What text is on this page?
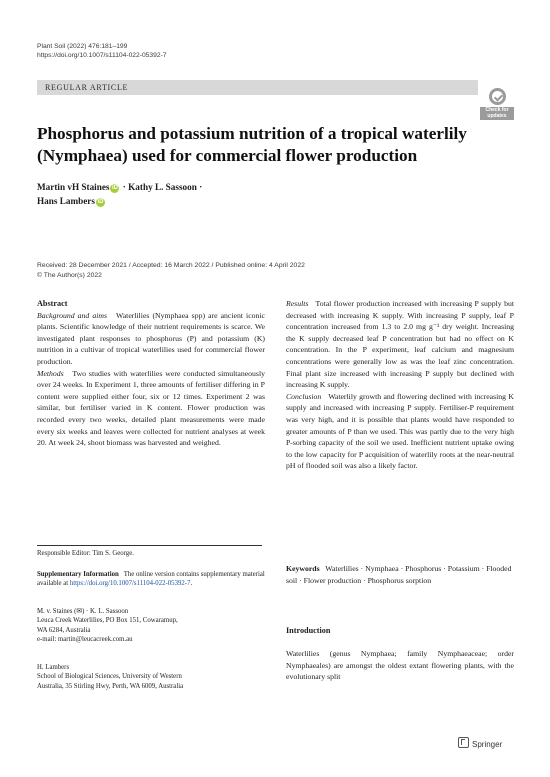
Plant Soil (2022) 476:181–199
https://doi.org/10.1007/s11104-022-05392-7
REGULAR ARTICLE
Check for updates
Phosphorus and potassium nutrition of a tropical waterlily (Nymphaea) used for commercial flower production
Martin vH Staines iD · Kathy L. Sassoon ·
Hans Lambers iD
Received: 28 December 2021 / Accepted: 16 March 2022 / Published online: 4 April 2022
© The Author(s) 2022

Abstract

Background and aims Waterlilies (Nymphaea spp) are ancient iconic plants. Scientific knowledge of their nutrient requirements is scarce. We investigated plant responses to phosphorus (P) and potassium (K) nutrition in a cultivar of tropical waterlilies used for commercial flower production.

Methods Two studies with waterlilies were conducted simultaneously over 24 weeks. In Experiment 1, three amounts of fertiliser differing in P content were supplied either four, six or 12 times. Experiment 2 was similar, but fertiliser varied in K content. Flower production was recorded every two weeks, detailed plant measurements were made every six weeks and leaves were collected for nutrient analyses at week 20. At week 24, shoot biomass was harvested and weighed.

Results Total flower production increased with increasing P supply but decreased with increasing K supply. With increasing P supply, leaf P concentration increased from 1.3 to 2.0 mg g⁻¹ dry weight. Increasing the K supply decreased leaf P concentration but had no effect on K concentration. In the P experiment, leaf calcium and magnesium concentrations were generally low as was the leaf zinc concentration. Final plant size increased with increasing P supply but declined with increasing K supply.

Conclusion Waterlily growth and flowering declined with increasing K supply and increased with increasing P supply. Fertiliser-P requirement was very high, and it is possible that plants would have responded to greater amounts of P than we used. This was partly due to the very high P-sorbing capacity of the soil we used. Inefficient nutrient uptake owing to the low capacity for P acquisition of waterlily roots at the near-neutral pH of flooded soil was also a likely factor.

Responsible Editor: Tim S. George.
Supplementary Information The online version contains supplementary material available at https://doi.org/10.1007/s11104-022-05392-7.
M. v. Staines (✉) · K. L. Sassoon
Leuca Creek Waterlilies, PO Box 151, Cowaramup,
WA 6284, Australia
e-mail: martin@leucacreek.com.au
H. Lambers
School of Biological Sciences, University of Western
Australia, 35 Stirling Hwy, Perth, WA 6009, Australia
Keywords Waterlilies · Nymphaea · Phosphorus · Potassium · Flooded soil · Flower production · Phosphorus sorption
Introduction
Waterlilies (genus Nymphaea; family Nymphaeaceae; order Nymphaeales) are amongst the oldest extant flowering plants, with the evolutionary split
Springer
